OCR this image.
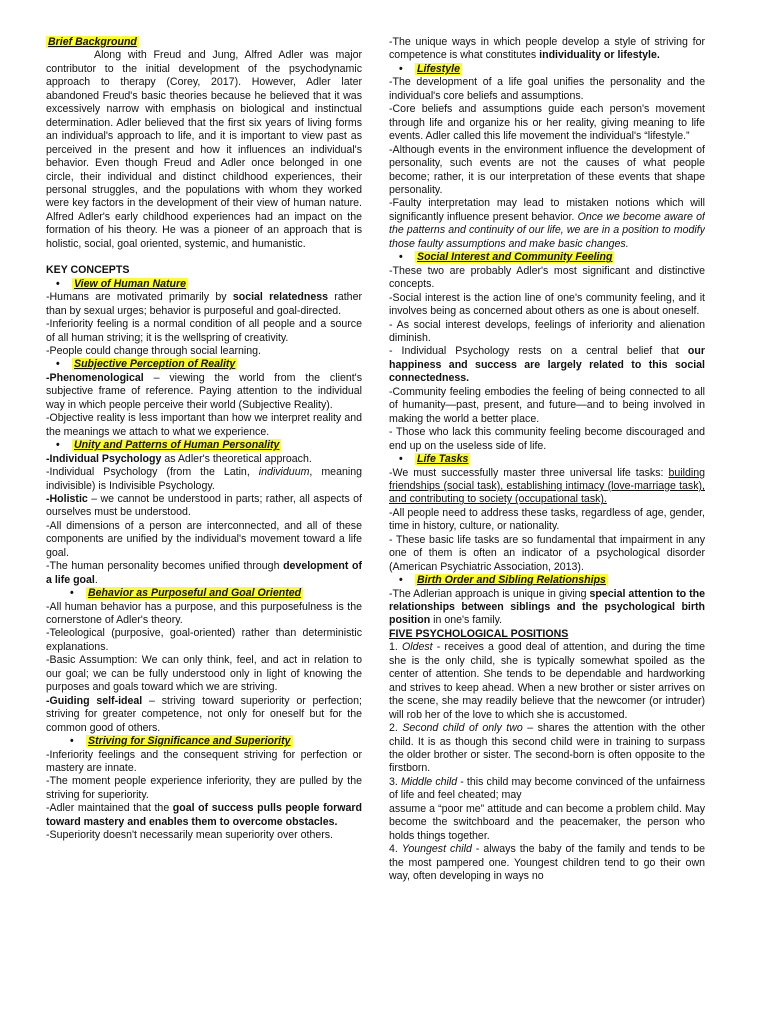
Brief Background

Along with Freud and Jung, Alfred Adler was major contributor to the initial development of the psychodynamic approach to therapy (Corey, 2017). However, Adler later abandoned Freud's basic theories because he believed that it was excessively narrow with emphasis on biological and instinctual determination. Adler believed that the first six years of living forms an individual's approach to life, and it is important to view past as perceived in the present and how it influences an individual's behavior. Even though Freud and Adler once belonged in one circle, their individual and distinct childhood experiences, their personal struggles, and the populations with whom they worked were key factors in the development of their view of human nature. Alfred Adler's early childhood experiences had an impact on the formation of his theory. He was a pioneer of an approach that is holistic, social, goal oriented, systemic, and humanistic.

KEY CONCEPTS

• View of Human Nature

-Humans are motivated primarily by social relatedness rather than by sexual urges; behavior is purposeful and goal-directed.

-Inferiority feeling is a normal condition of all people and a source of all human striving; it is the wellspring of creativity.

-People could change through social learning.

• Subjective Perception of Reality

-Phenomenological – viewing the world from the client's subjective frame of reference. Paying attention to the individual way in which people perceive their world (Subjective Reality).

-Objective reality is less important than how we interpret reality and the meanings we attach to what we experience.

• Unity and Patterns of Human Personality

-Individual Psychology as Adler's theoretical approach.

-Individual Psychology (from the Latin, individuum, meaning indivisible) is Indivisible Psychology.

-Holistic – we cannot be understood in parts; rather, all aspects of ourselves must be understood.

-All dimensions of a person are interconnected, and all of these components are unified by the individual's movement toward a life goal.

-The human personality becomes unified through development of a life goal.

• Behavior as Purposeful and Goal Oriented

-All human behavior has a purpose, and this purposefulness is the cornerstone of Adler's theory.

-Teleological (purposive, goal-oriented) rather than deterministic explanations.

-Basic Assumption: We can only think, feel, and act in relation to our goal; we can be fully understood only in light of knowing the purposes and goals toward which we are striving.

-Guiding self-ideal – striving toward superiority or perfection; striving for greater competence, not only for oneself but for the common good of others.

• Striving for Significance and Superiority

-Inferiority feelings and the consequent striving for perfection or mastery are innate.

-The moment people experience inferiority, they are pulled by the striving for superiority.

-Adler maintained that the goal of success pulls people forward toward mastery and enables them to overcome obstacles.

-Superiority doesn't necessarily mean superiority over others.

-The unique ways in which people develop a style of striving for competence is what constitutes individuality or lifestyle.

• Lifestyle

-The development of a life goal unifies the personality and the individual's core beliefs and assumptions.

-Core beliefs and assumptions guide each person's movement through life and organize his or her reality, giving meaning to life events. Adler called this life movement the individual's “lifestyle.”

-Although events in the environment influence the development of personality, such events are not the causes of what people become; rather, it is our interpretation of these events that shape personality.

-Faulty interpretation may lead to mistaken notions which will significantly influence present behavior. Once we become aware of the patterns and continuity of our life, we are in a position to modify those faulty assumptions and make basic changes.

• Social Interest and Community Feeling

-These two are probably Adler's most significant and distinctive concepts.

-Social interest is the action line of one's community feeling, and it involves being as concerned about others as one is about oneself.

- As social interest develops, feelings of inferiority and alienation diminish.

- Individual Psychology rests on a central belief that our happiness and success are largely related to this social connectedness.

-Community feeling embodies the feeling of being connected to all of humanity—past, present, and future—and to being involved in making the world a better place.

- Those who lack this community feeling become discouraged and end up on the useless side of life.

• Life Tasks

-We must successfully master three universal life tasks: building friendships (social task), establishing intimacy (love-marriage task), and contributing to society (occupational task).

-All people need to address these tasks, regardless of age, gender, time in history, culture, or nationality.

- These basic life tasks are so fundamental that impairment in any one of them is often an indicator of a psychological disorder (American Psychiatric Association, 2013).

• Birth Order and Sibling Relationships

-The Adlerian approach is unique in giving special attention to the relationships between siblings and the psychological birth position in one's family.

FIVE PSYCHOLOGICAL POSITIONS

1. Oldest - receives a good deal of attention, and during the time she is the only child, she is typically somewhat spoiled as the center of attention. She tends to be dependable and hardworking and strives to keep ahead. When a new brother or sister arrives on the scene, she may readily believe that the newcomer (or intruder) will rob her of the love to which she is accustomed.

2. Second child of only two – shares the attention with the other child. It is as though this second child were in training to surpass the older brother or sister. The second-born is often opposite to the firstborn.

3. Middle child - this child may become convinced of the unfairness of life and feel cheated; may

assume a “poor me” attitude and can become a problem child. May become the switchboard and the peacemaker, the person who holds things together.

4. Youngest child - always the baby of the family and tends to be the most pampered one. Youngest children tend to go their own way, often developing in ways no
